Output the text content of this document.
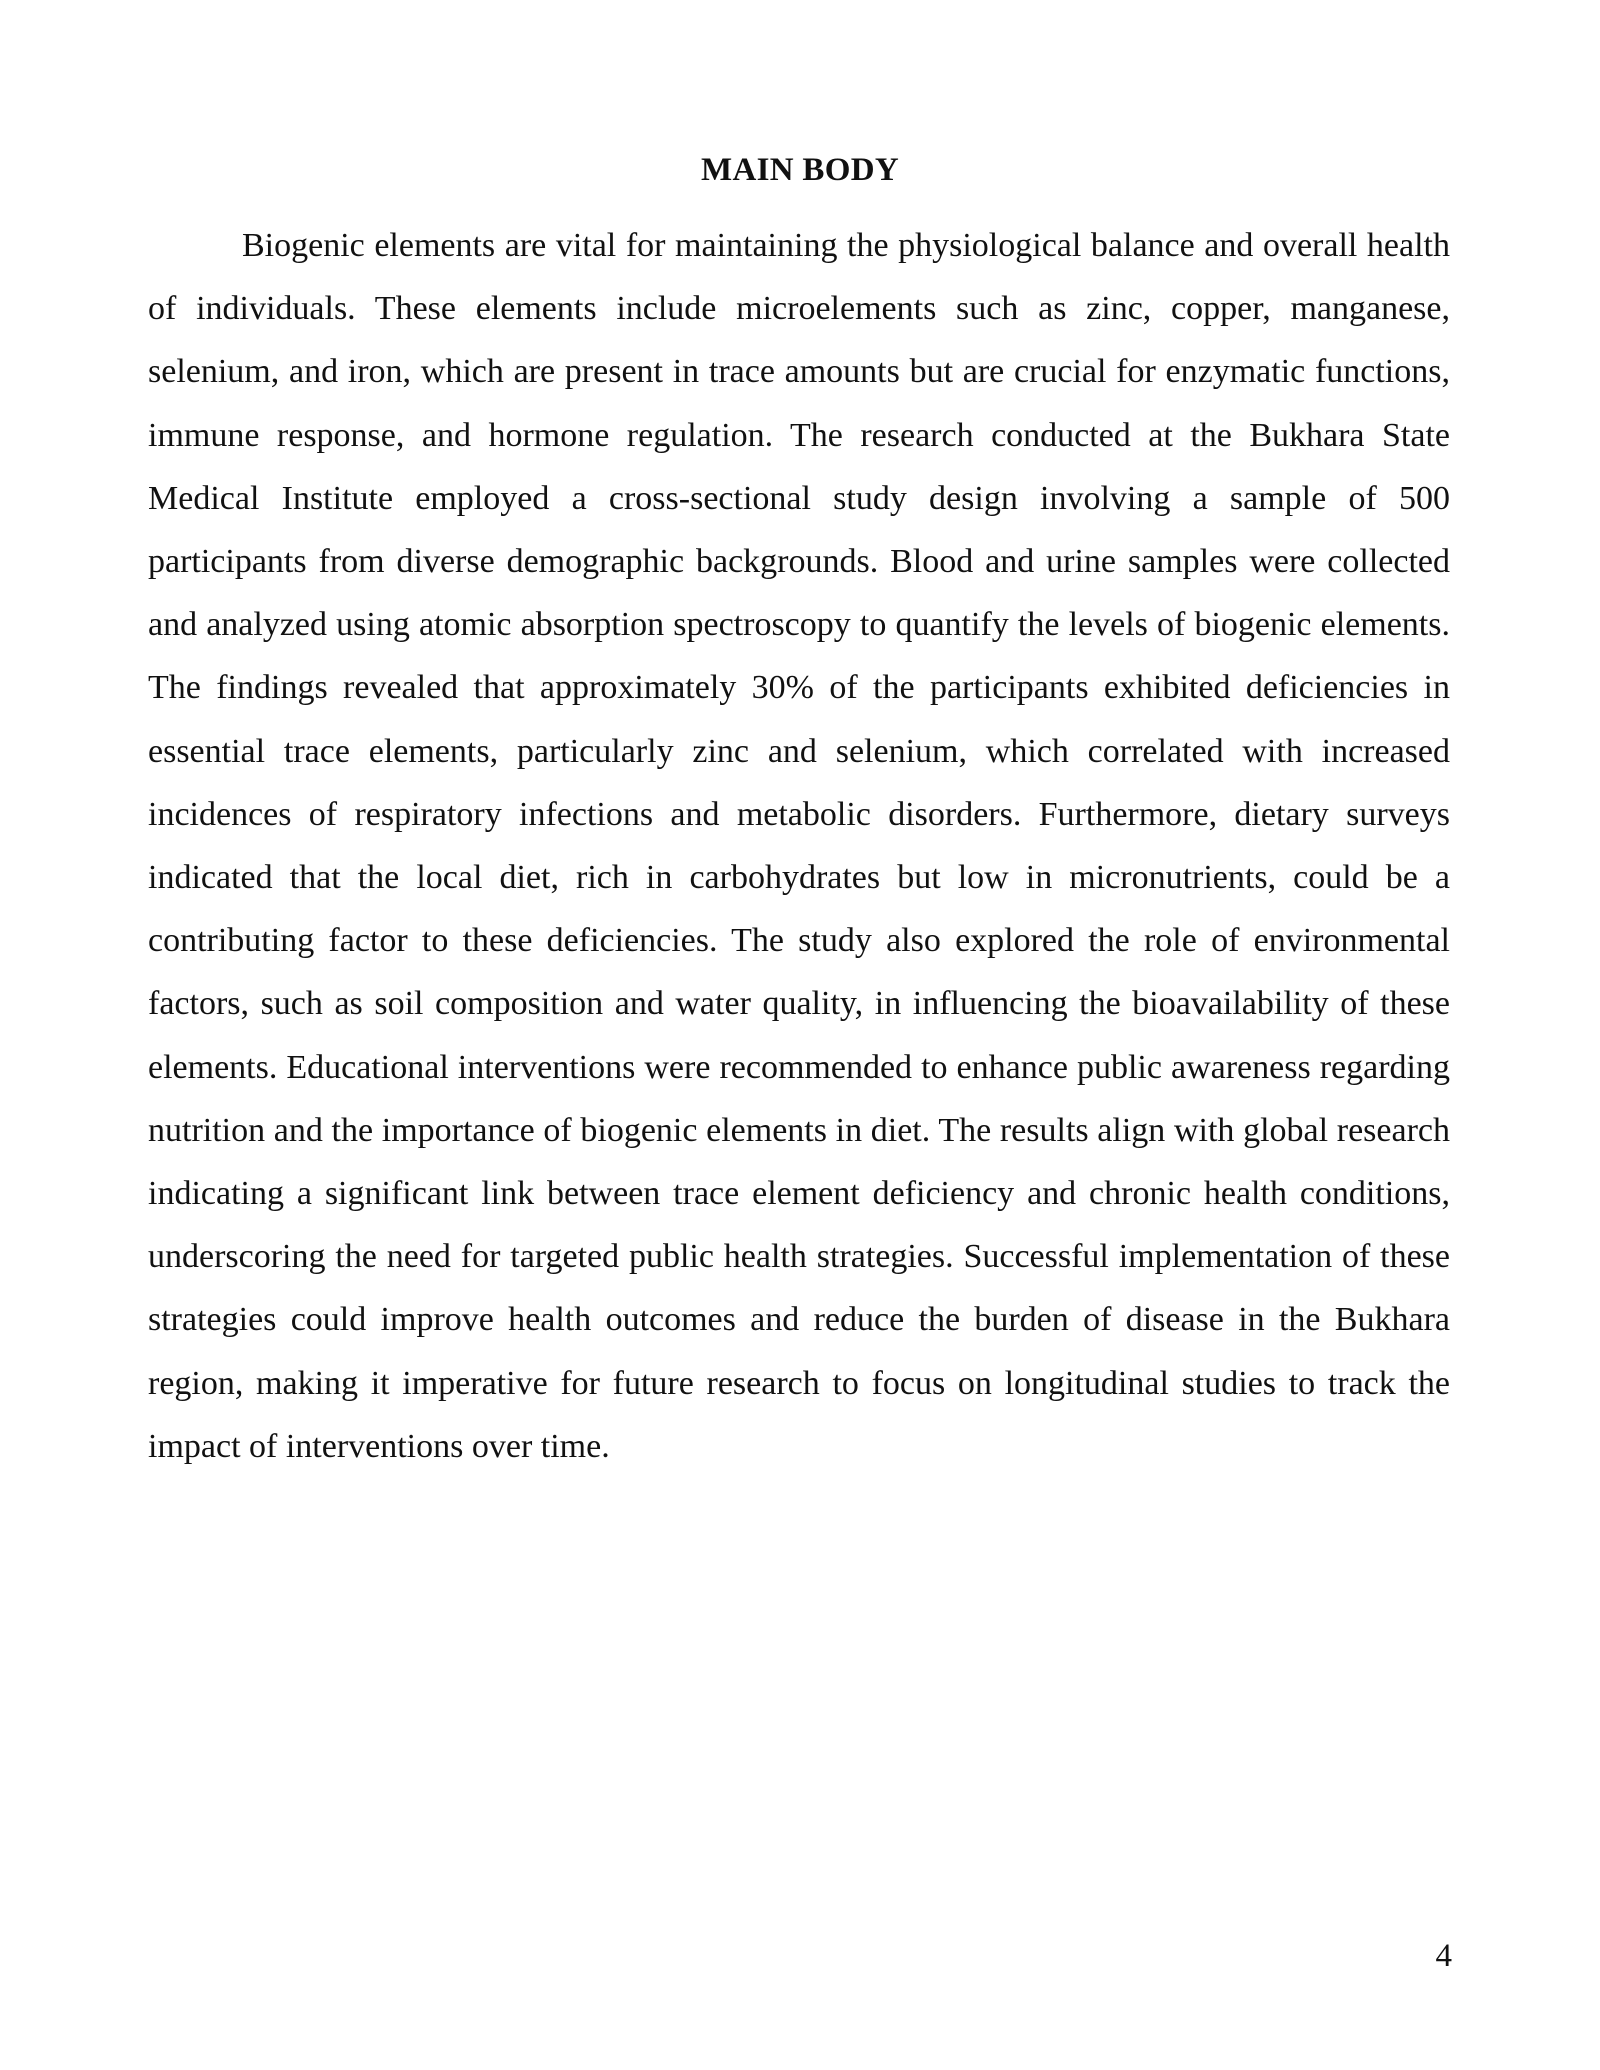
MAIN BODY

Biogenic elements are vital for maintaining the physiological balance and overall health of individuals. These elements include microelements such as zinc, copper, manganese, selenium, and iron, which are present in trace amounts but are crucial for enzymatic functions, immune response, and hormone regulation. The research conducted at the Bukhara State Medical Institute employed a cross-sectional study design involving a sample of 500 participants from diverse demographic backgrounds. Blood and urine samples were collected and analyzed using atomic absorption spectroscopy to quantify the levels of biogenic elements. The findings revealed that approximately 30% of the participants exhibited deficiencies in essential trace elements, particularly zinc and selenium, which correlated with increased incidences of respiratory infections and metabolic disorders. Furthermore, dietary surveys indicated that the local diet, rich in carbohydrates but low in micronutrients, could be a contributing factor to these deficiencies. The study also explored the role of environmental factors, such as soil composition and water quality, in influencing the bioavailability of these elements. Educational interventions were recommended to enhance public awareness regarding nutrition and the importance of biogenic elements in diet. The results align with global research indicating a significant link between trace element deficiency and chronic health conditions, underscoring the need for targeted public health strategies. Successful implementation of these strategies could improve health outcomes and reduce the burden of disease in the Bukhara region, making it imperative for future research to focus on longitudinal studies to track the impact of interventions over time.

4
